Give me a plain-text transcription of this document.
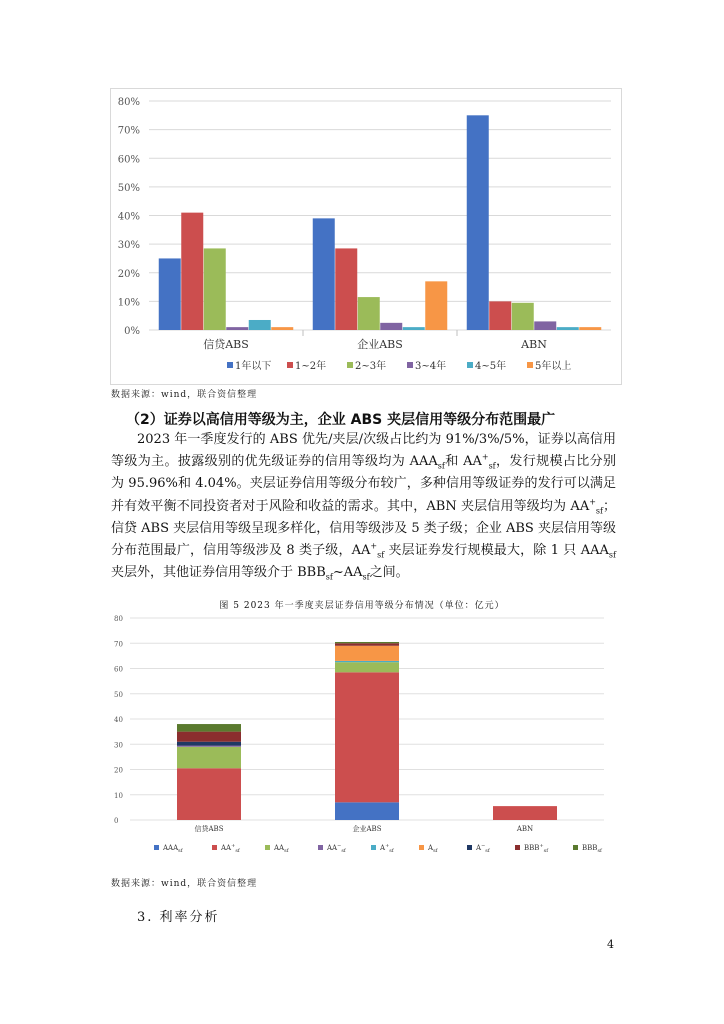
0%
10%
20%
30%
40%
50%
60%
70%
80%
信贷ABS	企业ABS	ABN
1年以下 1~2年	2~3年	3~4年	4~5年	5年以上
数据来源：wind，联合资信整理
（2）证券以高信用等级为主，企业 ABS 夹层信用等级分布范围最广

2023 年一季度发行的 ABS 优先/夹层/次级占比约为 91%/3%/5%，证券以高信用等级为主。披露级别的优先级证券的信用等级均为 $AAA_{sf}$和 $AA^+_{sf}$，发行规模占比分别为 95.96%和 4.04%。夹层证券信用等级分布较广，多种信用等级证券的发行可以满足并有效平衡不同投资者对于风险和收益的需求。其中，ABN 夹层信用等级均为 $AA^+_{sf}$；信贷 ABS 夹层信用等级呈现多样化，信用等级涉及 5 类子级；企业 ABS 夹层信用等级分布范围最广，信用等级涉及 8 类子级，$AA^+_{sf}$ 夹层证券发行规模最大，除 1 只 $AAA_{sf}$ 夹层外，其他证券信用等级介于 $BBB_{sf}\sim AA_{sf}$之间。

图 5 2023 年一季度夹层证券信用等级分布情况（单位：亿元）
0
10
20
30
40
50
60
70
80
信贷ABS	企业ABS	ABN
$AAA_{sf}$	$AA^+_{sf}$	$AA_{sf}$	$AA^-_{sf}$	$A^+_{sf}$	$A_{sf}$	$A^-_{sf}$	$BBB^+_{sf}$	$BBB_{sf}$
数据来源：wind，联合资信整理
3. 利率分析
4
